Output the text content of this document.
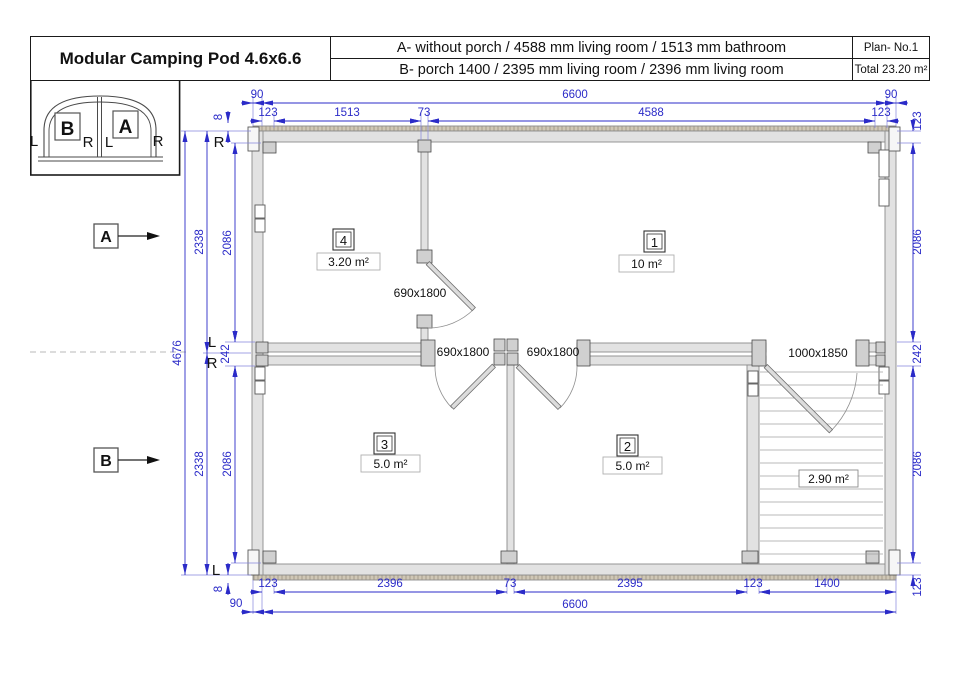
Modular Camping Pod 4.6x6.6
A- without porch / 4588 mm living room / 1513 mm bathroom
B- porch 1400 / 2395 mm living room / 2396 mm living room
Plan- No.1
Total 23.20 m²
L
B
R L
A
R
A
B
690x1800
690x1800	690x1800	1000x1850
1
10 m²
4
3.20 m²
3
5.0 m²
2
5.0 m²
2.90 m²
90	6600	90
123	1513	73	4588	123
8
4676
2338
2338
2086
2086
242
8
123
2086
242
2086
123
123	2396	73	2395	123	1400
90	6600
R
L
R
L
